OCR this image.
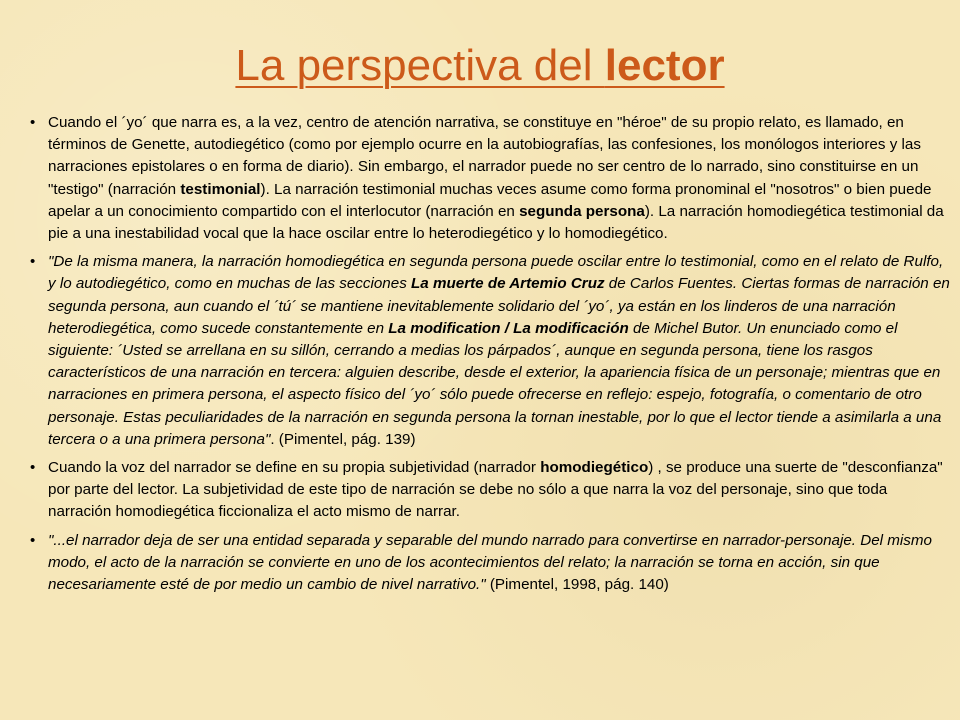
La perspectiva del lector
• Cuando el ´yo´ que narra es, a la vez, centro de atención narrativa, se constituye en "héroe" de su propio relato, es llamado, en términos de Genette, autodiegético (como por ejemplo ocurre en la autobiografías, las confesiones, los monólogos interiores y las narraciones epistolares o en forma de diario). Sin embargo, el narrador puede no ser centro de lo narrado, sino constituirse en un "testigo" (narración testimonial). La narración testimonial muchas veces asume como forma pronominal el "nosotros" o bien puede apelar a un conocimiento compartido con el interlocutor (narración en segunda persona). La narración homodiegética testimonial da pie a una inestabilidad vocal que la hace oscilar entre lo heterodiegético y lo homodiegético.
• "De la misma manera, la narración homodiegética en segunda persona puede oscilar entre lo testimonial, como en el relato de Rulfo, y lo autodiegético, como en muchas de las secciones La muerte de Artemio Cruz de Carlos Fuentes. Ciertas formas de narración en segunda persona, aun cuando el ´tú´ se mantiene inevitablemente solidario del ´yo´, ya están en los linderos de una narración heterodiegética, como sucede constantemente en La modification / La modificación de Michel Butor. Un enunciado como el siguiente: ´Usted se arrellana en su sillón, cerrando a medias los párpados´, aunque en segunda persona, tiene los rasgos característicos de una narración en tercera: alguien describe, desde el exterior, la apariencia física de un personaje; mientras que en narraciones en primera persona, el aspecto físico del ´yo´ sólo puede ofrecerse en reflejo: espejo, fotografía, o comentario de otro personaje. Estas peculiaridades de la narración en segunda persona la tornan inestable, por lo que el lector tiende a asimilarla a una tercera o a una primera persona". (Pimentel, pág. 139)
• Cuando la voz del narrador se define en su propia subjetividad (narrador homodiegético) , se produce una suerte de "desconfianza" por parte del lector. La subjetividad de este tipo de narración se debe no sólo a que narra la voz del personaje, sino que toda narración homodiegética ficcionaliza el acto mismo de narrar.
• "...el narrador deja de ser una entidad separada y separable del mundo narrado para convertirse en narrador-personaje. Del mismo modo, el acto de la narración se convierte en uno de los acontecimientos del relato; la narración se torna en acción, sin que necesariamente esté de por medio un cambio de nivel narrativo." (Pimentel, 1998, pág. 140)
